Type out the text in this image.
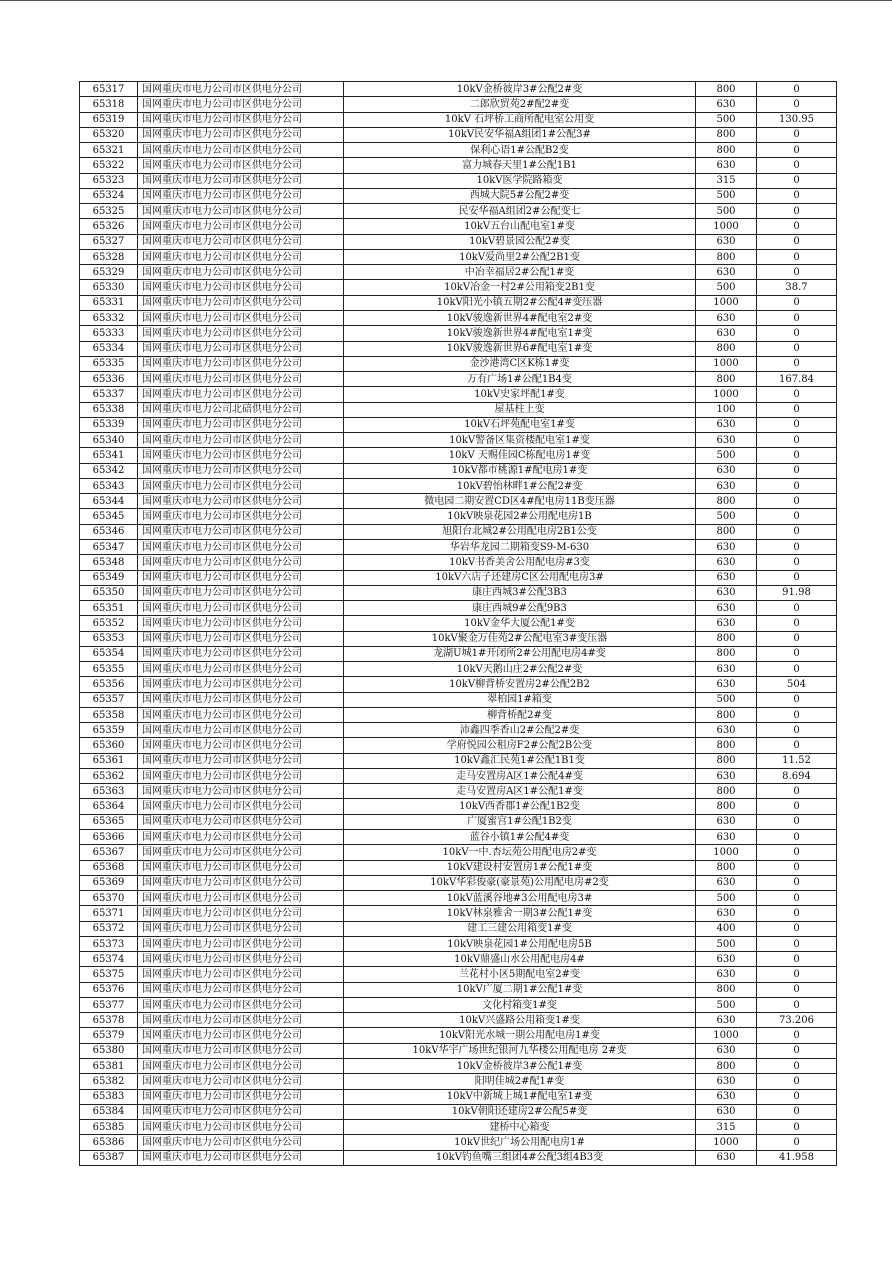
65317	国网重庆市电力公司市区供电分公司	10kV金桥彼岸3#公配2#变	800	0
65318	国网重庆市电力公司市区供电分公司	二郎欣贸苑2#配2#变	630	0
65319	国网重庆市电力公司市区供电分公司	10kV 石坪桥工商所配电室公用变	500	130.95
65320	国网重庆市电力公司市区供电分公司	10kV民安华福A组团1#公配3#	800	0
65321	国网重庆市电力公司市区供电分公司	保利心语1#公配B2变	800	0
65322	国网重庆市电力公司市区供电分公司	富力城春天里1#公配1B1	630	0
65323	国网重庆市电力公司市区供电分公司	10kV医学院路箱变	315	0
65324	国网重庆市电力公司市区供电分公司	西城大院5#公配2#变	500	0
65325	国网重庆市电力公司市区供电分公司	民安华福A组团2#公配变七	500	0
65326	国网重庆市电力公司市区供电分公司	10kV五台山配电室1#变	1000	0
65327	国网重庆市电力公司市区供电分公司	10kV碧景园公配2#变	630	0
65328	国网重庆市电力公司市区供电分公司	10kV爱尚里2#公配2B1变	800	0
65329	国网重庆市电力公司市区供电分公司	中冶幸福居2#公配1#变	630	0
65330	国网重庆市电力公司市区供电分公司	10kV冶金一村2#公用箱变2B1变	500	38.7
65331	国网重庆市电力公司市区供电分公司	10kV阳光小镇五期2#公配4#变压器	1000	0
65332	国网重庆市电力公司市区供电分公司	10kV骏逸新世界4#配电室2#变	630	0
65333	国网重庆市电力公司市区供电分公司	10kV骏逸新世界4#配电室1#变	630	0
65334	国网重庆市电力公司市区供电分公司	10kV骏逸新世界6#配电室1#变	800	0
65335	国网重庆市电力公司市区供电分公司	金沙港湾C区K栋1#变	1000	0
65336	国网重庆市电力公司市区供电分公司	万有广场1#公配1B4变	800	167.84
65337	国网重庆市电力公司市区供电分公司	10kV史家坪配1#变	1000	0
65338	国网重庆市电力公司北碚供电分公司	屋基柱上变	100	0
65339	国网重庆市电力公司市区供电分公司	10kV石坪苑配电室1#变	630	0
65340	国网重庆市电力公司市区供电分公司	10kV警备区集资楼配电室1#变	630	0
65341	国网重庆市电力公司市区供电分公司	10kV 天赐佳园C栋配电房1#变	500	0
65342	国网重庆市电力公司市区供电分公司	10kV都市桃源1#配电房1#变	630	0
65343	国网重庆市电力公司市区供电分公司	10kV碧怡林畔1#公配2#变	630	0
65344	国网重庆市电力公司市区供电分公司	微电园二期安置CD区4#配电房11B变压器	800	0
65345	国网重庆市电力公司市区供电分公司	10kV映泉花园2#公用配电房1B	500	0
65346	国网重庆市电力公司市区供电分公司	旭阳台北城2#公用配电房2B1公变	800	0
65347	国网重庆市电力公司市区供电分公司	华岩华龙园二期箱变S9-M-630	630	0
65348	国网重庆市电力公司市区供电分公司	10kV书香美舍公用配电房#3变	630	0
65349	国网重庆市电力公司市区供电分公司	10kV六店子还建房C区公用配电房3#	630	0
65350	国网重庆市电力公司市区供电分公司	康庄西城3#公配3B3	630	91.98
65351	国网重庆市电力公司市区供电分公司	康庄西城9#公配9B3	630	0
65352	国网重庆市电力公司市区供电分公司	10kV金华大厦公配1#变	630	0
65353	国网重庆市电力公司市区供电分公司	10kV聚金万佳苑2#公配电室3#变压器	800	0
65354	国网重庆市电力公司市区供电分公司	龙湖U城1#开闭所2#公用配电房4#变	800	0
65355	国网重庆市电力公司市区供电分公司	10kV天鹅山庄2#公配2#变	630	0
65356	国网重庆市电力公司市区供电分公司	10kV柳背桥安置房2#公配2B2	630	504
65357	国网重庆市电力公司市区供电分公司	翠柏园1#箱变	500	0
65358	国网重庆市电力公司市区供电分公司	柳背桥配2#变	800	0
65359	国网重庆市电力公司市区供电分公司	沛鑫四季香山2#公配2#变	630	0
65360	国网重庆市电力公司市区供电分公司	学府悦园公租房F2#公配2B公变	800	0
65361	国网重庆市电力公司市区供电分公司	10kV鑫汇民苑1#公配1B1变	800	11.52
65362	国网重庆市电力公司市区供电分公司	走马安置房A区1#公配4#变	630	8.694
65363	国网重庆市电力公司市区供电分公司	走马安置房A区1#公配1#变	800	0
65364	国网重庆市电力公司市区供电分公司	10kV西香郡1#公配1B2变	800	0
65365	国网重庆市电力公司市区供电分公司	广厦蜜宫1#公配1B2变	630	0
65366	国网重庆市电力公司市区供电分公司	蓝谷小镇1#公配4#变	630	0
65367	国网重庆市电力公司市区供电分公司	10kV一中.杏坛苑公用配电房2#变	1000	0
65368	国网重庆市电力公司市区供电分公司	10kV建设村安置房1#公配1#变	800	0
65369	国网重庆市电力公司市区供电分公司	10kV华彩俊豪(豪景苑)公用配电房#2变	630	0
65370	国网重庆市电力公司市区供电分公司	10kV蓝溪谷地#3公用配电房3#	500	0
65371	国网重庆市电力公司市区供电分公司	10kV林泉雅舍一期3#公配1#变	630	0
65372	国网重庆市电力公司市区供电分公司	建工三建公用箱变1#变	400	0
65373	国网重庆市电力公司市区供电分公司	10kV映泉花园1#公用配电房5B	500	0
65374	国网重庆市电力公司市区供电分公司	10kV鼎盛山水公用配电房4#	630	0
65375	国网重庆市电力公司市区供电分公司	兰花村小区5期配电室2#变	630	0
65376	国网重庆市电力公司市区供电分公司	10kV广厦二期1#公配1#变	800	0
65377	国网重庆市电力公司市区供电分公司	文化村箱变1#变	500	0
65378	国网重庆市电力公司市区供电分公司	10kV兴盛路公用箱变1#变	630	73.206
65379	国网重庆市电力公司市区供电分公司	10kV阳光水城一期公用配电房1#变	1000	0
65380	国网重庆市电力公司市区供电分公司	10kV华宇广场世纪银河九华楼公用配电房 2#变	630	0
65381	国网重庆市电力公司市区供电分公司	10kV金桥彼岸3#公配1#变	800	0
65382	国网重庆市电力公司市区供电分公司	阳明佳城2#配1#变	630	0
65383	国网重庆市电力公司市区供电分公司	10kV中新城上城1#配电室1#变	630	0
65384	国网重庆市电力公司市区供电分公司	10kV朝阳还建房2#公配5#变	630	0
65385	国网重庆市电力公司市区供电分公司	建桥中心箱变	315	0
65386	国网重庆市电力公司市区供电分公司	10kV世纪广场公用配电房1#	1000	0
65387	国网重庆市电力公司市区供电分公司	10kV钓鱼嘴三组团4#公配3组4B3变	630	41.958
